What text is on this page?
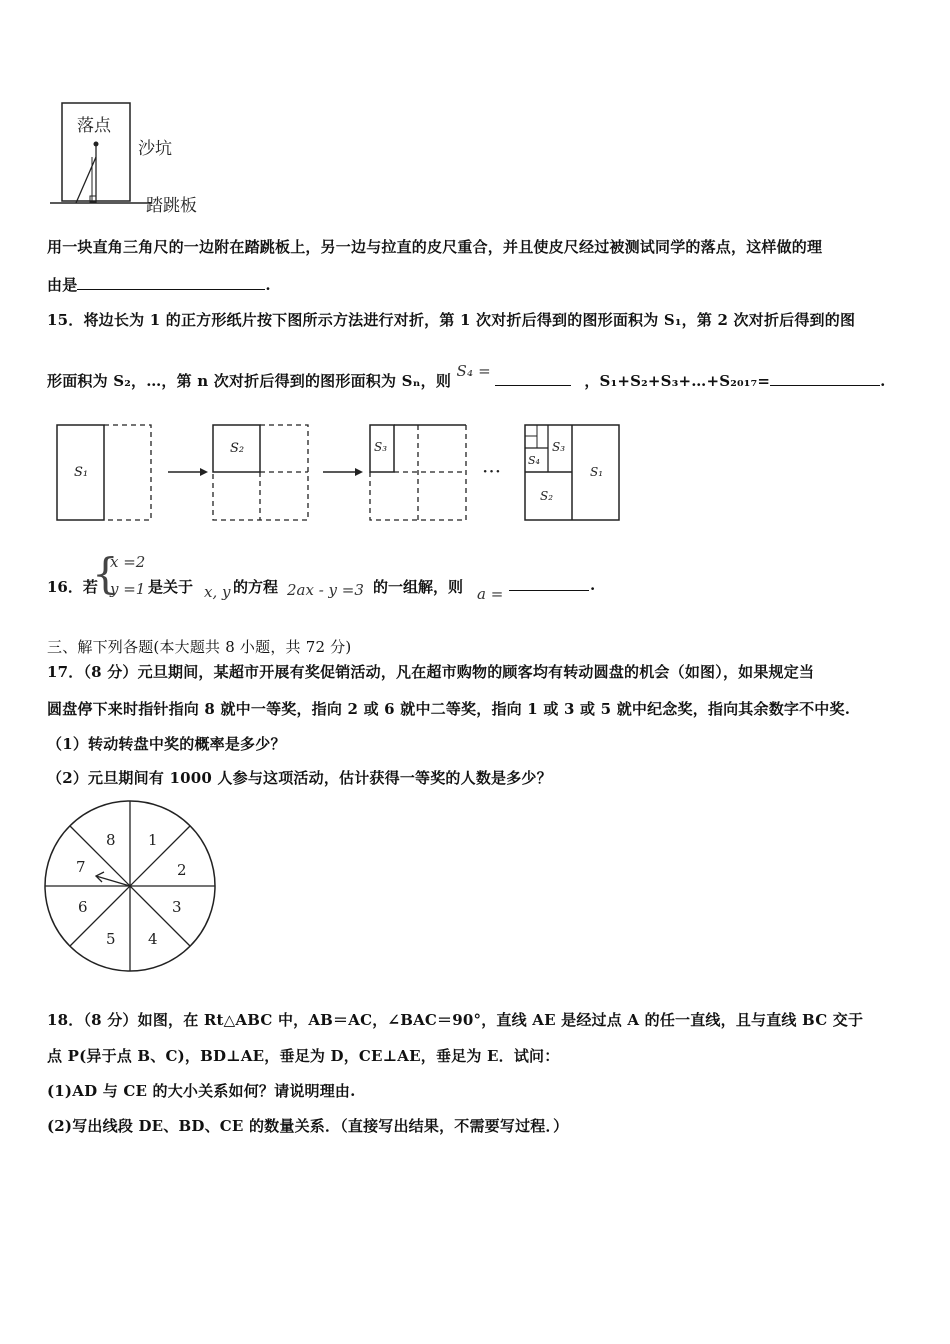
落点
沙坑
踏跳板
用一块直角三角尺的一边附在踏跳板上，另一边与拉直的皮尺重合，并且使皮尺经过被测试同学的落点，这样做的理
由是	.
15．将边长为 1 的正方形纸片按下图所示方法进行对折，第 1 次对折后得到的图形面积为 S₁，第 2 次对折后得到的图
形面积为 S₂，…，第 n 次对折后得到的图形面积为 Sₙ，则 S₄ = ，S₁+S₂+S₃+…+S₂₀₁₇=	.
S₁
S₂	S₃
···
S₃
S₄
S₂
S₁
16．若
{
x =2
y =1 是关于 x, y 的方程 2ax - y =3 的一组解，则 a =	.
三、解下列各题(本大题共 8 小题，共 72 分)
17．（8 分）元旦期间，某超市开展有奖促销活动，凡在超市购物的顾客均有转动圆盘的机会（如图），如果规定当
圆盘停下来时指针指向 8 就中一等奖，指向 2 或 6 就中二等奖，指向 1 或 3 或 5 就中纪念奖，指向其余数字不中奖.
（1）转动转盘中奖的概率是多少？
（2）元旦期间有 1000 人参与这项活动，估计获得一等奖的人数是多少？
1
2
3
4
5
6
7
8
18．（8 分）如图，在 Rt△ABC 中，AB＝AC，∠BAC＝90°，直线 AE 是经过点 A 的任一直线，且与直线 BC 交于
点 P(异于点 B、C)，BD⊥AE，垂足为 D，CE⊥AE，垂足为 E．试问：
(1)AD 与 CE 的大小关系如何？请说明理由.
(2)写出线段 DE、BD、CE 的数量关系．（直接写出结果，不需要写过程．）
